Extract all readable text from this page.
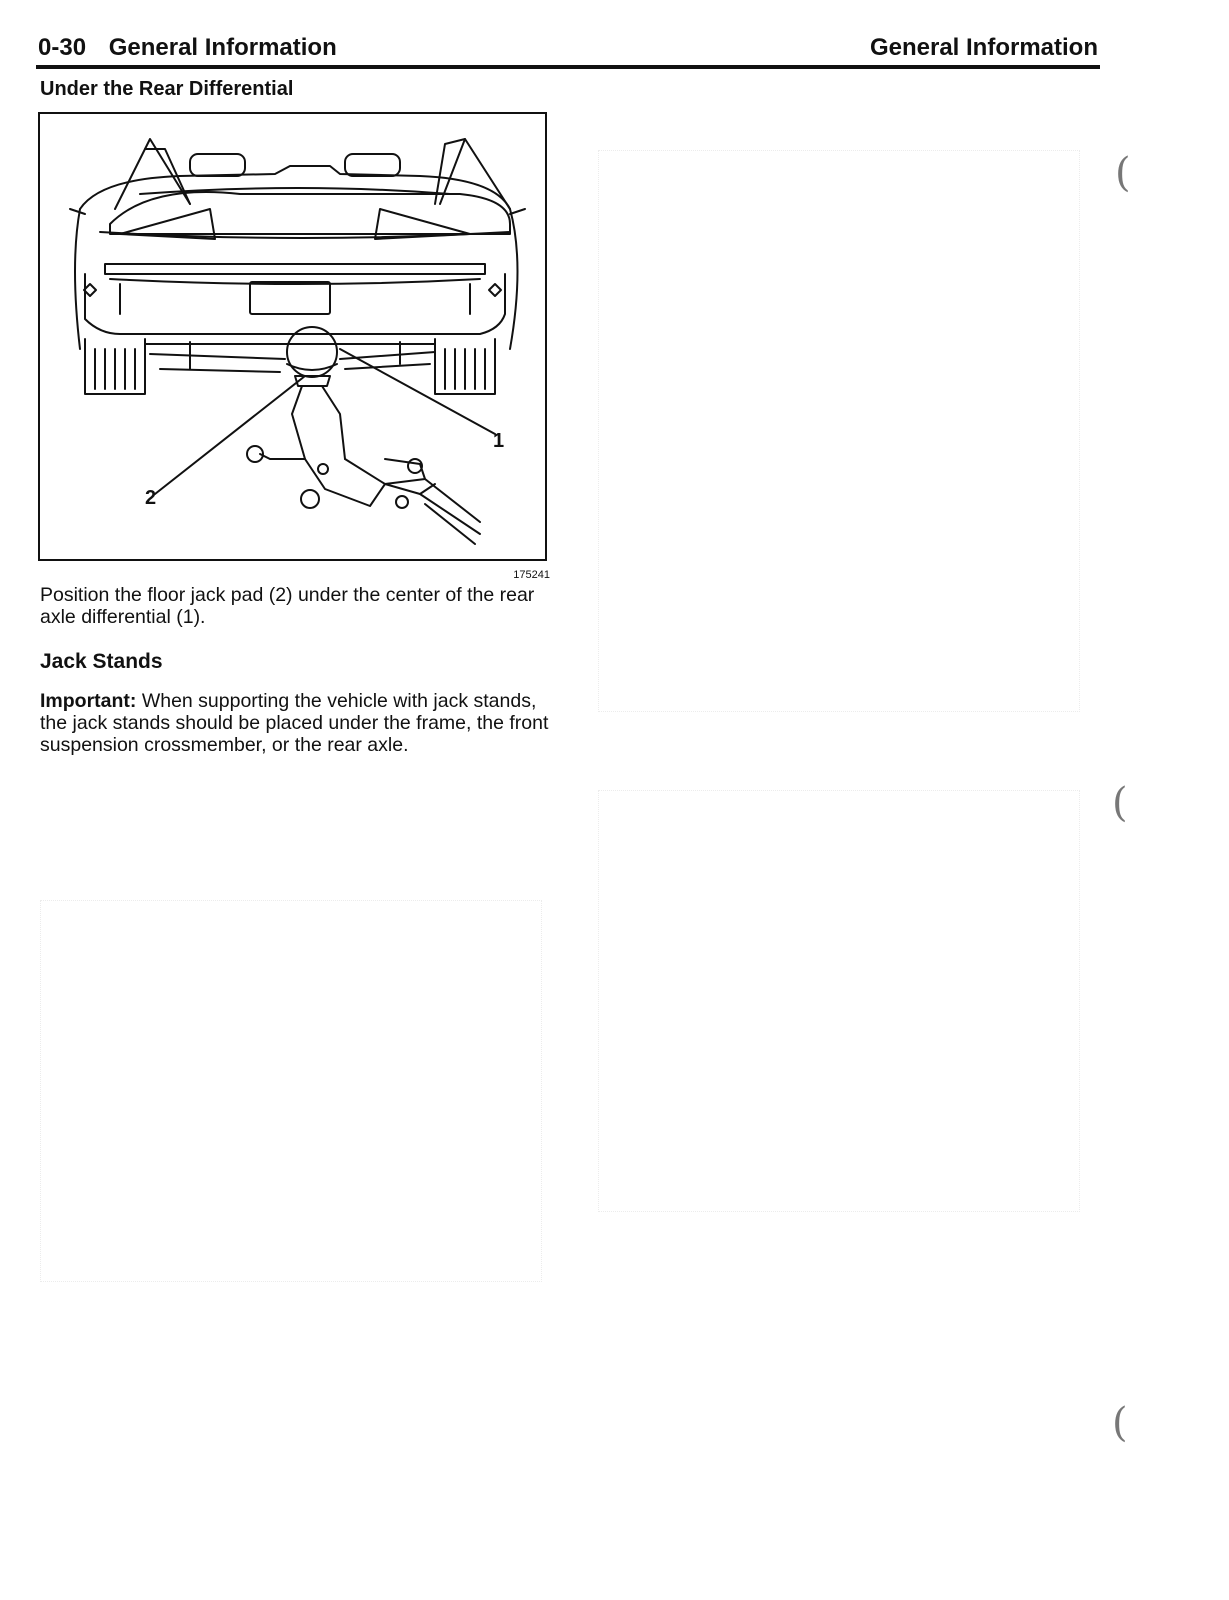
0-30 General Information	General Information
Under the Rear Differential
1
2
175241

Position the floor jack pad (2) under the center of the rear axle differential (1).

Jack Stands

Important: When supporting the vehicle with jack stands, the jack stands should be placed under the frame, the front suspension crossmember, or the rear axle.

(
(
(
